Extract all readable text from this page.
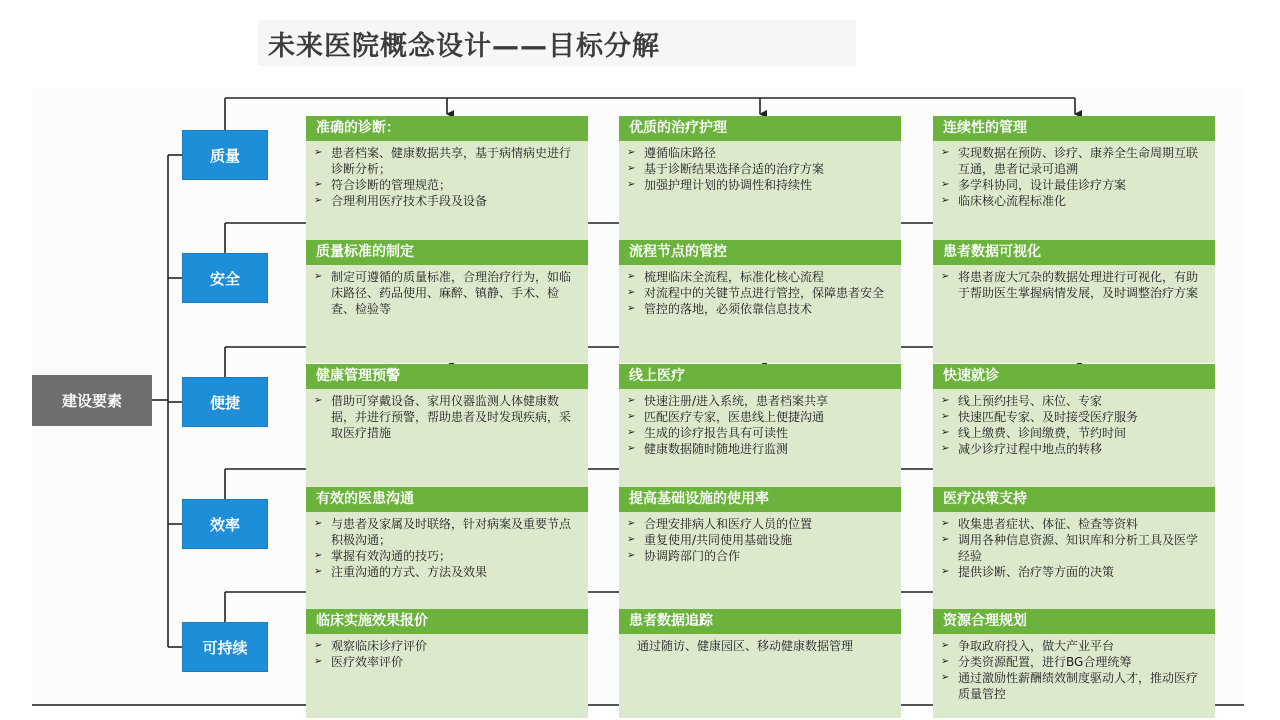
未来医院概念设计——目标分解
建设要素
质量
准确的诊断：
➢ 患者档案、健康数据共享，基于病情病史进行诊断分析；
➢ 符合诊断的管理规范；
➢ 合理利用医疗技术手段及设备
优质的治疗护理
➢ 遵循临床路径
➢ 基于诊断结果选择合适的治疗方案
➢ 加强护理计划的协调性和持续性
连续性的管理
➢ 实现数据在预防、诊疗、康养全生命周期互联互通，患者记录可追溯
➢ 多学科协同，设计最佳诊疗方案
➢ 临床核心流程标准化
安全
质量标准的制定
➢ 制定可遵循的质量标准，合理治疗行为，如临床路径、药品使用、麻醉、镇静、手术、检查、检验等
流程节点的管控
➢ 梳理临床全流程，标准化核心流程
➢ 对流程中的关键节点进行管控，保障患者安全
➢ 管控的落地，必须依靠信息技术
患者数据可视化
➢ 将患者庞大冗杂的数据处理进行可视化，有助于帮助医生掌握病情发展，及时调整治疗方案
便捷
健康管理预警
➢ 借助可穿戴设备、家用仪器监测人体健康数据，并进行预警，帮助患者及时发现疾病，采取医疗措施
线上医疗
➢ 快速注册/进入系统，患者档案共享
➢ 匹配医疗专家，医患线上便捷沟通
➢ 生成的诊疗报告具有可读性
➢ 健康数据随时随地进行监测
快速就诊
➢ 线上预约挂号、床位、专家
➢ 快速匹配专家、及时接受医疗服务
➢ 线上缴费、诊间缴费，节约时间
➢ 减少诊疗过程中地点的转移
效率
有效的医患沟通
➢ 与患者及家属及时联络，针对病案及重要节点积极沟通；
➢ 掌握有效沟通的技巧；
➢ 注重沟通的方式、方法及效果
提高基础设施的使用率
➢ 合理安排病人和医疗人员的位置
➢ 重复使用/共同使用基础设施
➢ 协调跨部门的合作
医疗决策支持
➢ 收集患者症状、体征、检查等资料
➢ 调用各种信息资源、知识库和分析工具及医学经验
➢ 提供诊断、治疗等方面的决策
可持续
临床实施效果报价
➢ 观察临床诊疗评价
➢ 医疗效率评价
患者数据追踪
通过随访、健康园区、移动健康数据管理
资源合理规划
➢ 争取政府投入，做大产业平台
➢ 分类资源配置，进行BG合理统筹
➢ 通过激励性薪酬绩效制度驱动人才，推动医疗质量管控
